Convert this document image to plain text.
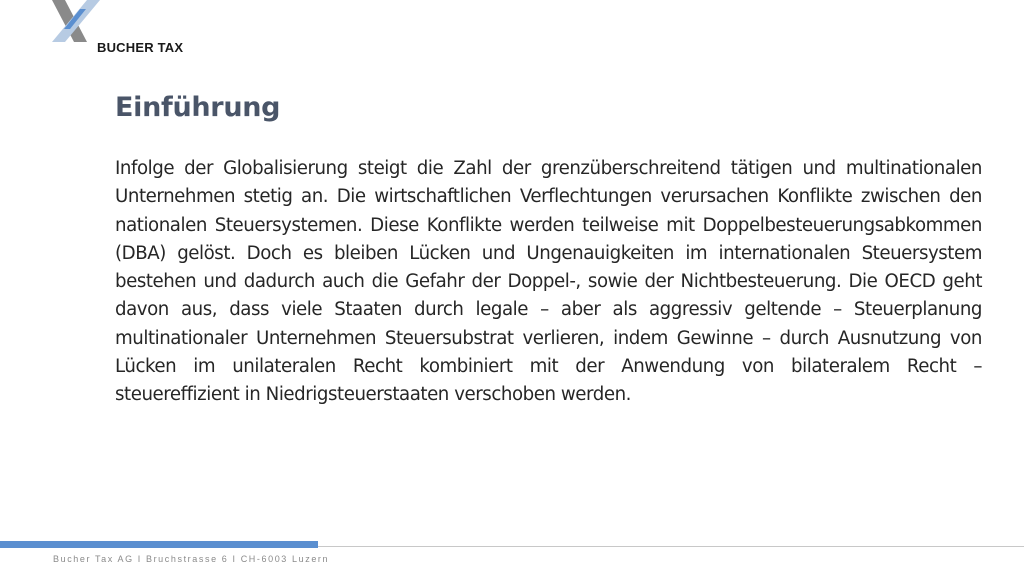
BUCHER TAX
Einführung

Infolge der Globalisierung steigt die Zahl der grenzüberschreitend tätigen und multinationalen Unternehmen stetig an. Die wirtschaftlichen Verflechtungen verursachen Konflikte zwischen den nationalen Steuersystemen. Diese Konflikte werden teilweise mit Doppelbesteuerungsabkommen (DBA) gelöst. Doch es bleiben Lücken und Ungenauigkeiten im internationalen Steuersystem bestehen und dadurch auch die Gefahr der Doppel-, sowie der Nichtbesteuerung. Die OECD geht davon aus, dass viele Staaten durch legale – aber als aggressiv geltende – Steuerplanung multinationaler Unternehmen Steuersubstrat verlieren, indem Gewinne – durch Ausnutzung von Lücken im unilateralen Recht kombiniert mit der Anwendung von bilateralem Recht – steuereffizient in Niedrigsteuerstaaten verschoben werden.

Bucher Tax AG I Bruchstrasse 6 I CH-6003 Luzern
